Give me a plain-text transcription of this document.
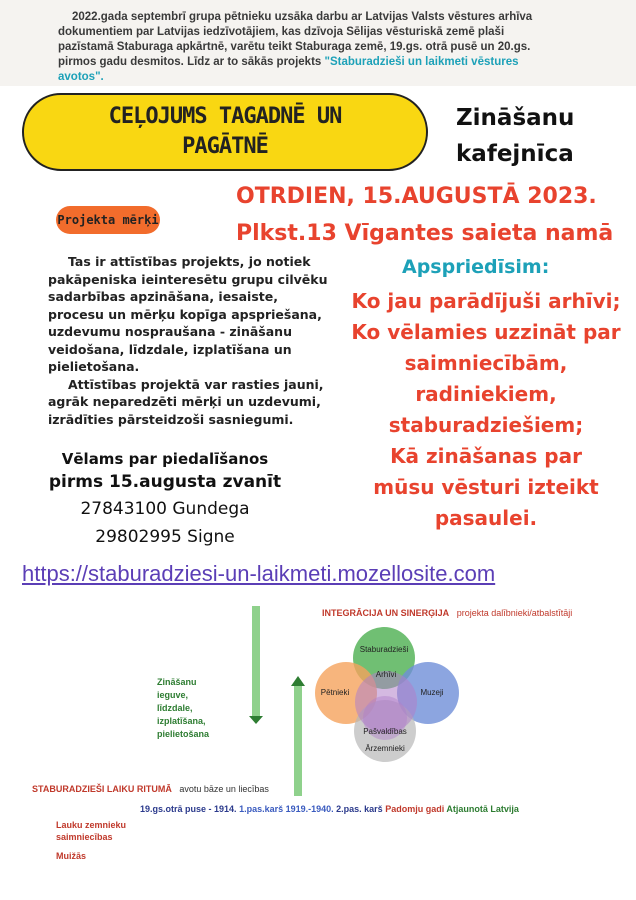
2022.gada septembrī grupa pētnieku uzsāka darbu ar Latvijas Valsts vēstures arhīva dokumentiem par Latvijas iedzīvotājiem, kas dzīvoja Sēlijas vēsturiskā zemē plaši pazīstamā Staburaga apkārtnē, varētu teikt Staburaga zemē, 19.gs. otrā pusē un 20.gs. pirmos gadu desmitos. Līdz ar to sākās projekts "Staburadzieši un laikmeti vēstures avotos".

CEĻOJUMS TAGADNĒ UN PAGĀTNĒ
Zināšanu kafejnīca
OTRDIEN, 15.AUGUSTĀ 2023.
Plkst.13 Vīgantes saieta namā
Projekta mērķi

Tas ir attīstības projekts, jo notiek pakāpeniska ieinteresētu grupu cilvēku sadarbības apzināšana, iesaiste, procesu un mērķu kopīga apspriešana, uzdevumu nospraušana - zināšanu veidošana, līdzdale, izplatīšana un pielietošana.

Attīstības projektā var rasties jauni, agrāk neparedzēti mērķi un uzdevumi, izrādīties pārsteidzoši sasniegumi.

Apspriedīsim:
Ko jau parādījuši arhīvi;
Ko vēlamies uzzināt par
saimniecībām,
radiniekiem,
staburadziešiem;
Kā zināšanas par
mūsu vēsturi izteikt
pasaulei.
Vēlams par piedalīšanos
pirms 15.augusta zvanīt
27843100 Gundega
29802995 Signe
https://staburadziesi-un-laikmeti.mozellosite.com
INTEGRĀCIJA UN SINERĢIJA projekta dalībnieki/atbalstītāji
Staburadzieši
Pētnieki	Muzeji
Arhīvi
Pašvaldības
Ārzemnieki
Zināšanu
ieguve,
līdzdale,
izplatīšana,
pielietošana
STABURADZIEŠI LAIKU RITUMĀ avotu bāze un liecības
19.gs.otrā puse - 1914. 1.pas.karš 1919.-1940. 2.pas. karš Padomju gadi Atjaunotā Latvija
Lauku zemnieku saimniecības
Muižās
